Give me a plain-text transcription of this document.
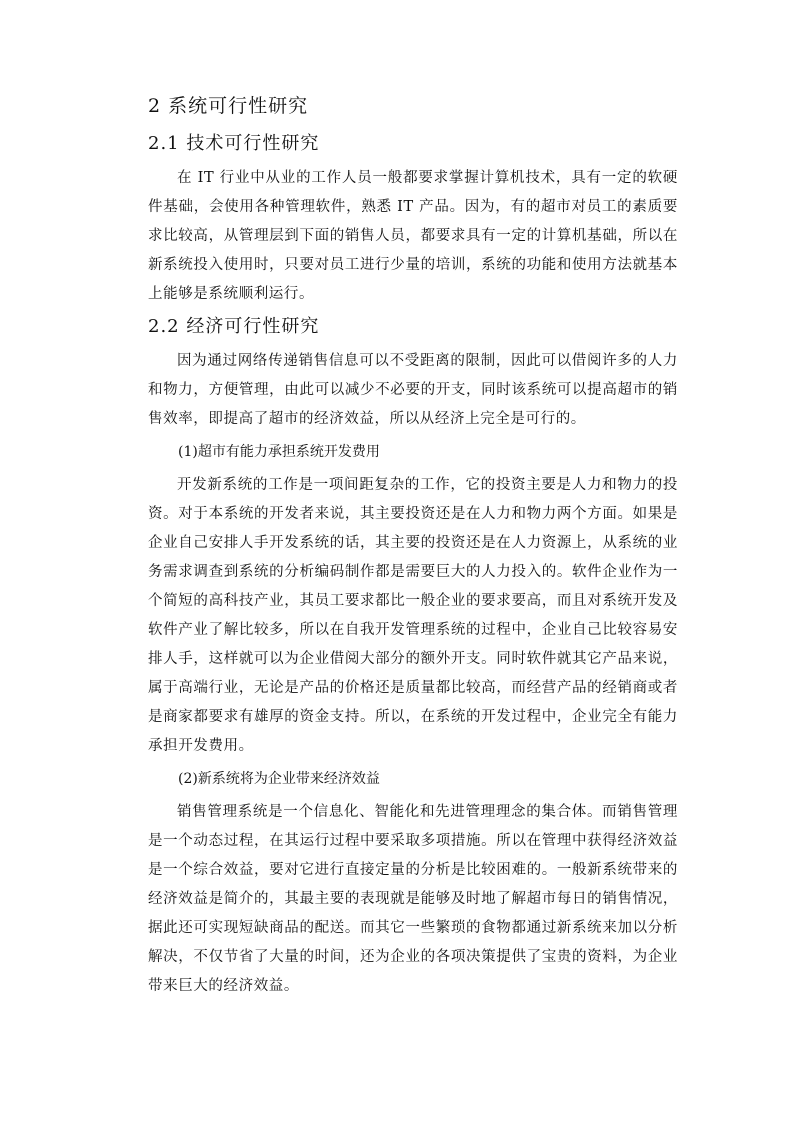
2 系统可行性研究
2.1 技术可行性研究

在 IT 行业中从业的工作人员一般都要求掌握计算机技术，具有一定的软硬件基础，会使用各种管理软件，熟悉 IT 产品。因为，有的超市对员工的素质要求比较高，从管理层到下面的销售人员，都要求具有一定的计算机基础，所以在新系统投入使用时，只要对员工进行少量的培训，系统的功能和使用方法就基本上能够是系统顺利运行。

2.2 经济可行性研究

因为通过网络传递销售信息可以不受距离的限制，因此可以借阅许多的人力和物力，方便管理，由此可以减少不必要的开支，同时该系统可以提高超市的销售效率，即提高了超市的经济效益，所以从经济上完全是可行的。

(1)超市有能力承担系统开发费用

开发新系统的工作是一项间距复杂的工作，它的投资主要是人力和物力的投资。对于本系统的开发者来说，其主要投资还是在人力和物力两个方面。如果是企业自己安排人手开发系统的话，其主要的投资还是在人力资源上，从系统的业务需求调查到系统的分析编码制作都是需要巨大的人力投入的。软件企业作为一个简短的高科技产业，其员工要求都比一般企业的要求要高，而且对系统开发及软件产业了解比较多，所以在自我开发管理系统的过程中，企业自己比较容易安排人手，这样就可以为企业借阅大部分的额外开支。同时软件就其它产品来说，属于高端行业，无论是产品的价格还是质量都比较高，而经营产品的经销商或者是商家都要求有雄厚的资金支持。所以，在系统的开发过程中，企业完全有能力承担开发费用。

(2)新系统将为企业带来经济效益

销售管理系统是一个信息化、智能化和先进管理理念的集合体。而销售管理是一个动态过程，在其运行过程中要采取多项措施。所以在管理中获得经济效益是一个综合效益，要对它进行直接定量的分析是比较困难的。一般新系统带来的经济效益是简介的，其最主要的表现就是能够及时地了解超市每日的销售情况，据此还可实现短缺商品的配送。而其它一些繁琐的食物都通过新系统来加以分析解决，不仅节省了大量的时间，还为企业的各项决策提供了宝贵的资料，为企业带来巨大的经济效益。
